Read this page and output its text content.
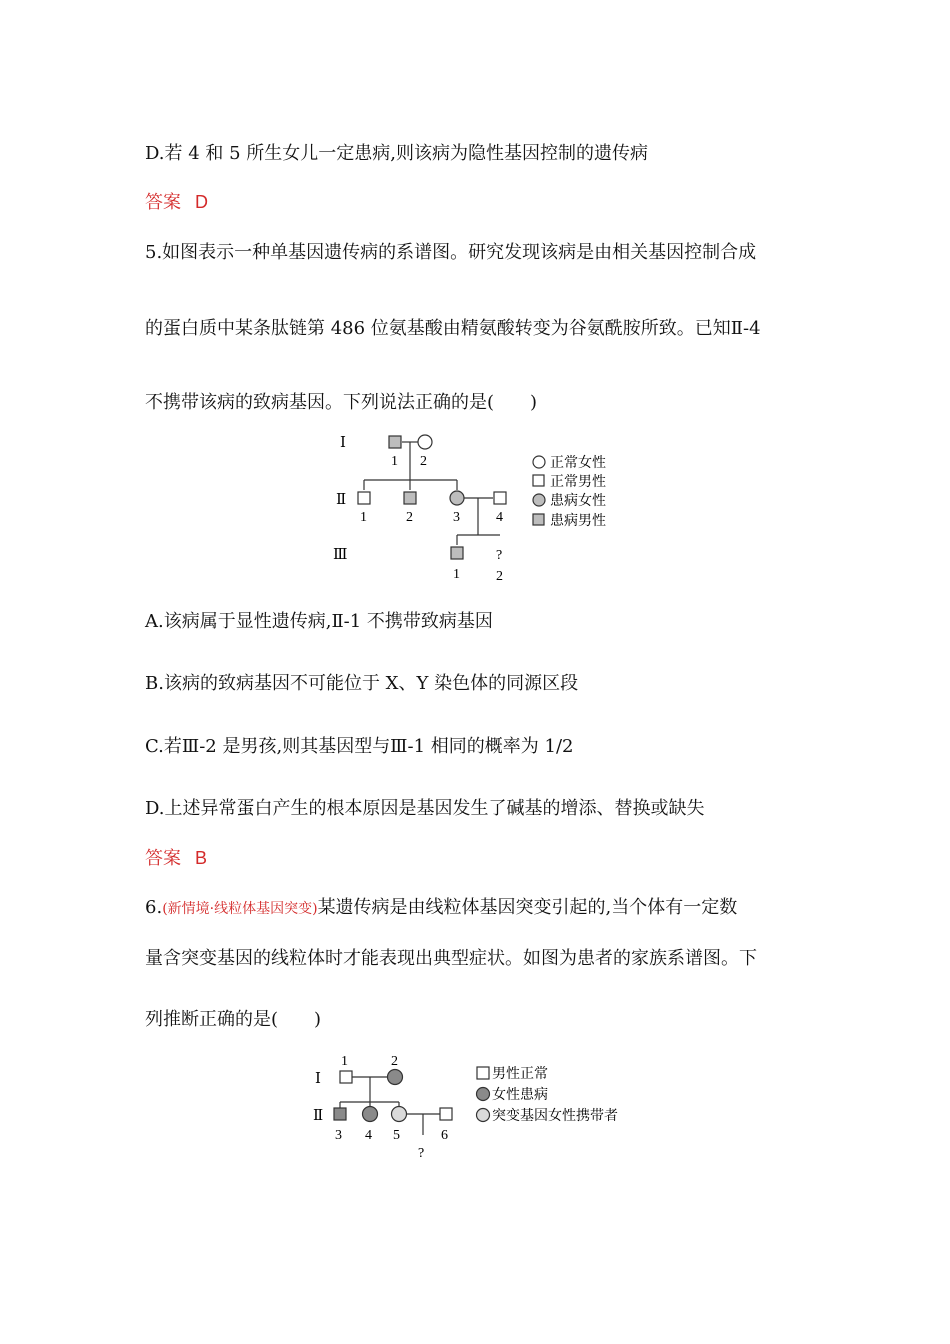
D.若 4 和 5 所生女儿一定患病,则该病为隐性基因控制的遗传病
答案 D
5.如图表示一种单基因遗传病的系谱图。研究发现该病是由相关基因控制合成
的蛋白质中某条肽链第 486 位氨基酸由精氨酸转变为谷氨酰胺所致。已知Ⅱ-4
不携带该病的致病基因。下列说法正确的是(　　)
Ⅰ
Ⅱ
Ⅲ
1 2
1	2	3	4
?
1	2
正常女性
正常男性
患病女性
患病男性
A.该病属于显性遗传病,Ⅱ-1 不携带致病基因
B.该病的致病基因不可能位于 X、Y 染色体的同源区段
C.若Ⅲ-2 是男孩,则其基因型与Ⅲ-1 相同的概率为 1/2
D.上述异常蛋白产生的根本原因是基因发生了碱基的增添、替换或缺失
答案 B
6.(新情境·线粒体基因突变)某遗传病是由线粒体基因突变引起的,当个体有一定数
量含突变基因的线粒体时才能表现出典型症状。如图为患者的家族系谱图。下
列推断正确的是(　　)
Ⅰ
Ⅱ
1	2
3 4 5	6
?
男性正常
女性患病
突变基因女性携带者
